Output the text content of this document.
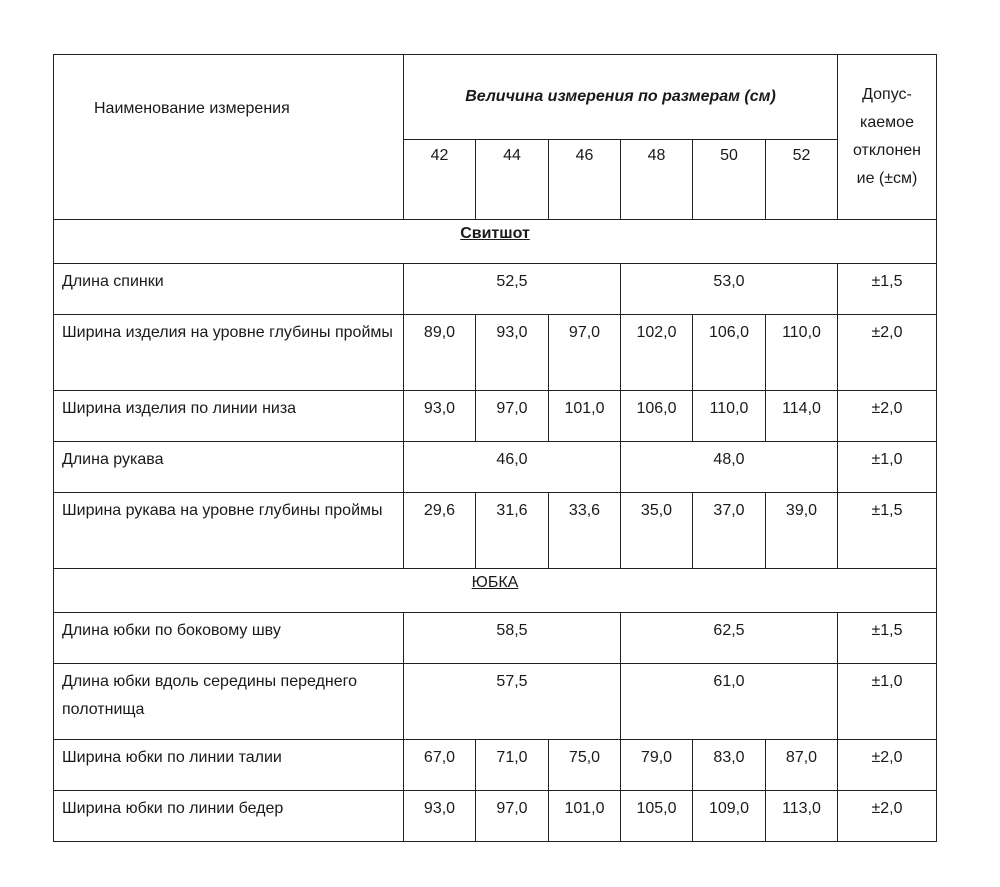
Наименование измерения	Величина измерения по размерам (см)						Допус-
каемое
отклонен
ие (±см)
	42	44	46	48	50	52	
Свитшот							
Длина спинки	52,5			53,0			±1,5
Ширина изделия на уровне глубины проймы	89,0	93,0	97,0	102,0	106,0	110,0	±2,0
Ширина изделия по линии низа	93,0	97,0	101,0	106,0	110,0	114,0	±2,0
Длина рукава	46,0			48,0			±1,0
Ширина рукава на уровне глубины проймы	29,6	31,6	33,6	35,0	37,0	39,0	±1,5
ЮБКА							
Длина юбки по боковому шву	58,5			62,5			±1,5
Длина юбки вдоль середины переднего полотнища	57,5			61,0			±1,0
Ширина юбки по линии талии	67,0	71,0	75,0	79,0	83,0	87,0	±2,0
Ширина юбки по линии бедер	93,0	97,0	101,0	105,0	109,0	113,0	±2,0
